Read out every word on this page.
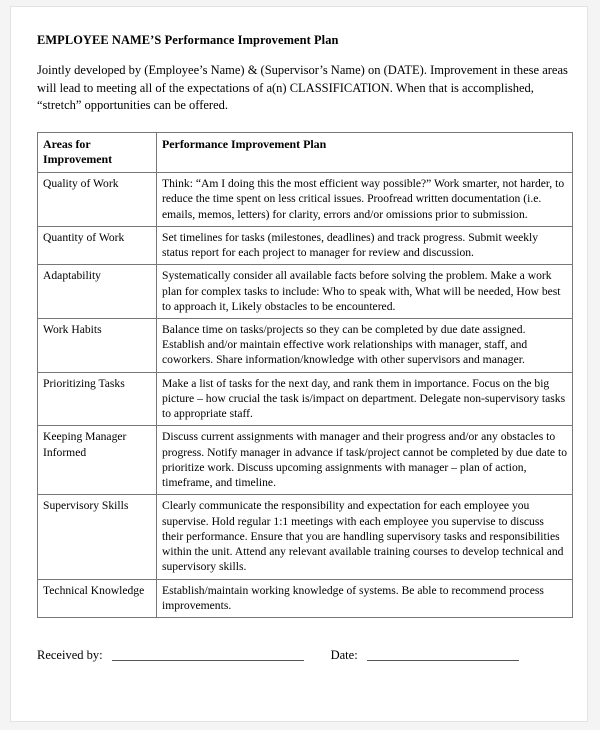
EMPLOYEE NAME’S Performance Improvement Plan

Jointly developed by (Employee’s Name) & (Supervisor’s Name) on (DATE). Improvement in these areas will lead to meeting all of the expectations of a(n) CLASSIFICATION. When that is accomplished, “stretch” opportunities can be offered.

Areas for Improvement	Performance Improvement Plan
Quality of Work	Think: “Am I doing this the most efficient way possible?” Work smarter, not harder, to reduce the time spent on less critical issues. Proofread written documentation (i.e. emails, memos, letters) for clarity, errors and/or omissions prior to submission.
Quantity of Work	Set timelines for tasks (milestones, deadlines) and track progress. Submit weekly status report for each project to manager for review and discussion.
Adaptability	Systematically consider all available facts before solving the problem. Make a work plan for complex tasks to include: Who to speak with, What will be needed, How best to approach it, Likely obstacles to be encountered.
Work Habits	Balance time on tasks/projects so they can be completed by due date assigned. Establish and/or maintain effective work relationships with manager, staff, and coworkers. Share information/knowledge with other supervisors and manager.
Prioritizing Tasks	Make a list of tasks for the next day, and rank them in importance. Focus on the big picture – how crucial the task is/impact on department. Delegate non-supervisory tasks to appropriate staff.
Keeping Manager Informed	Discuss current assignments with manager and their progress and/or any obstacles to progress. Notify manager in advance if task/project cannot be completed by due date to prioritize work. Discuss upcoming assignments with manager – plan of action, timeframe, and timeline.
Supervisory Skills	Clearly communicate the responsibility and expectation for each employee you supervise. Hold regular 1:1 meetings with each employee you supervise to discuss their performance. Ensure that you are handling supervisory tasks and responsibilities within the unit. Attend any relevant available training courses to develop technical and supervisory skills.
Technical Knowledge	Establish/maintain working knowledge of systems. Be able to recommend process improvements.
Received by:	Date:
